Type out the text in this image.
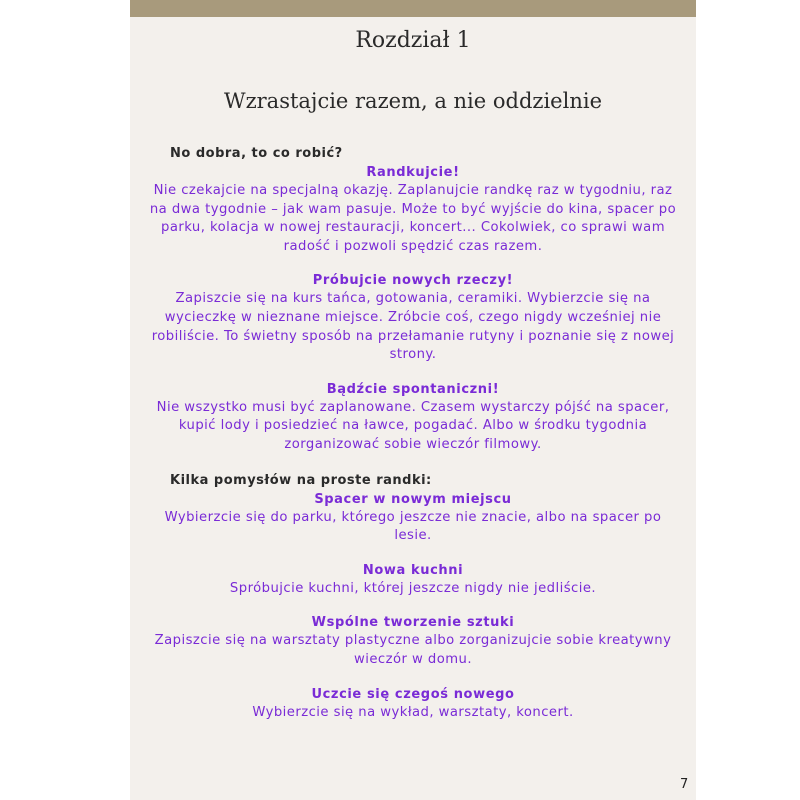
Rozdział 1
Wzrastajcie razem, a nie oddzielnie
No dobra, to co robić?
Randkujcie!
Nie czekajcie na specjalną okazję. Zaplanujcie randkę raz w tygodniu, raz na dwa tygodnie – jak wam pasuje. Może to być wyjście do kina, spacer po parku, kolacja w nowej restauracji, koncert... Cokolwiek, co sprawi wam radość i pozwoli spędzić czas razem.
Próbujcie nowych rzeczy!
Zapiszcie się na kurs tańca, gotowania, ceramiki. Wybierzcie się na wycieczkę w nieznane miejsce. Zróbcie coś, czego nigdy wcześniej nie robiliście. To świetny sposób na przełamanie rutyny i poznanie się z nowej strony.
Bądźcie spontaniczni!
Nie wszystko musi być zaplanowane. Czasem wystarczy pójść na spacer, kupić lody i posiedzieć na ławce, pogadać. Albo w środku tygodnia zorganizować sobie wieczór filmowy.
Kilka pomysłów na proste randki:
Spacer w nowym miejscu
Wybierzcie się do parku, którego jeszcze nie znacie, albo na spacer po lesie.
Nowa kuchni
Spróbujcie kuchni, której jeszcze nigdy nie jedliście.
Wspólne tworzenie sztuki
Zapiszcie się na warsztaty plastyczne albo zorganizujcie sobie kreatywny wieczór w domu.
Uczcie się czegoś nowego
Wybierzcie się na wykład, warsztaty, koncert.
7
